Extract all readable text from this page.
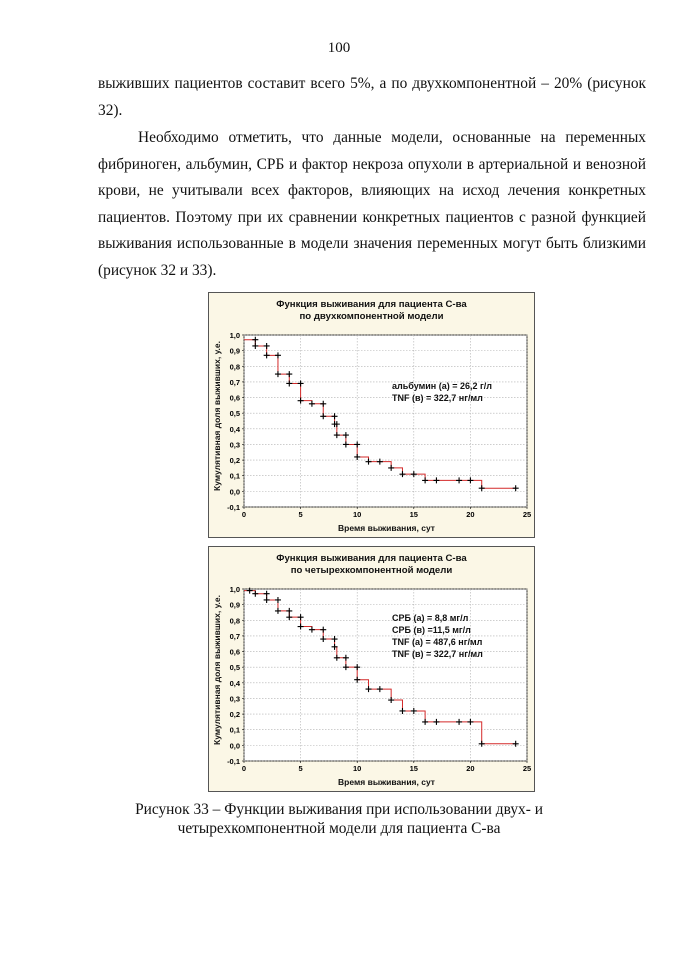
100

выживших пациентов составит всего 5%, а по двухкомпонентной – 20% (рисунок 32).

Необходимо отметить, что данные модели, основанные на переменных фибриноген, альбумин, СРБ и фактор некроза опухоли в артериальной и венозной крови, не учитывали всех факторов, влияющих на исход лечения конкретных пациентов. Поэтому при их сравнении конкретных пациентов с разной функцией выживания использованные в модели значения переменных могут быть близкими (рисунок 32 и 33).

Функция выживания для пациента С-ва
по двухкомпонентной модели
-0,1
0,0
0,1
0,2
0,3
0,4
0,5
0,6
0,7
0,8
0,9
1,0
0	5	10	15	20	25
Кумулятивная доля выживших, у.е.
Время выживания, сут
альбумин (а) = 26,2 г/л
TNF (в) = 322,7 нг/мл
Функция выживания для пациента С-ва
по четырехкомпонентной модели
-0,1
0,0
0,1
0,2
0,3
0,4
0,5
0,6
0,7
0,8
0,9
1,0
0	5	10	15	20	25
Кумулятивная доля выживших, у.е.
Время выживания, сут
СРБ (а) = 8,8 мг/л
СРБ (в) =11,5 мг/л
TNF (а) = 487,6 нг/мл
TNF (в) = 322,7 нг/мл
Рисунок 33 – Функции выживания при использовании двух- и
четырехкомпонентной модели для пациента С-ва
